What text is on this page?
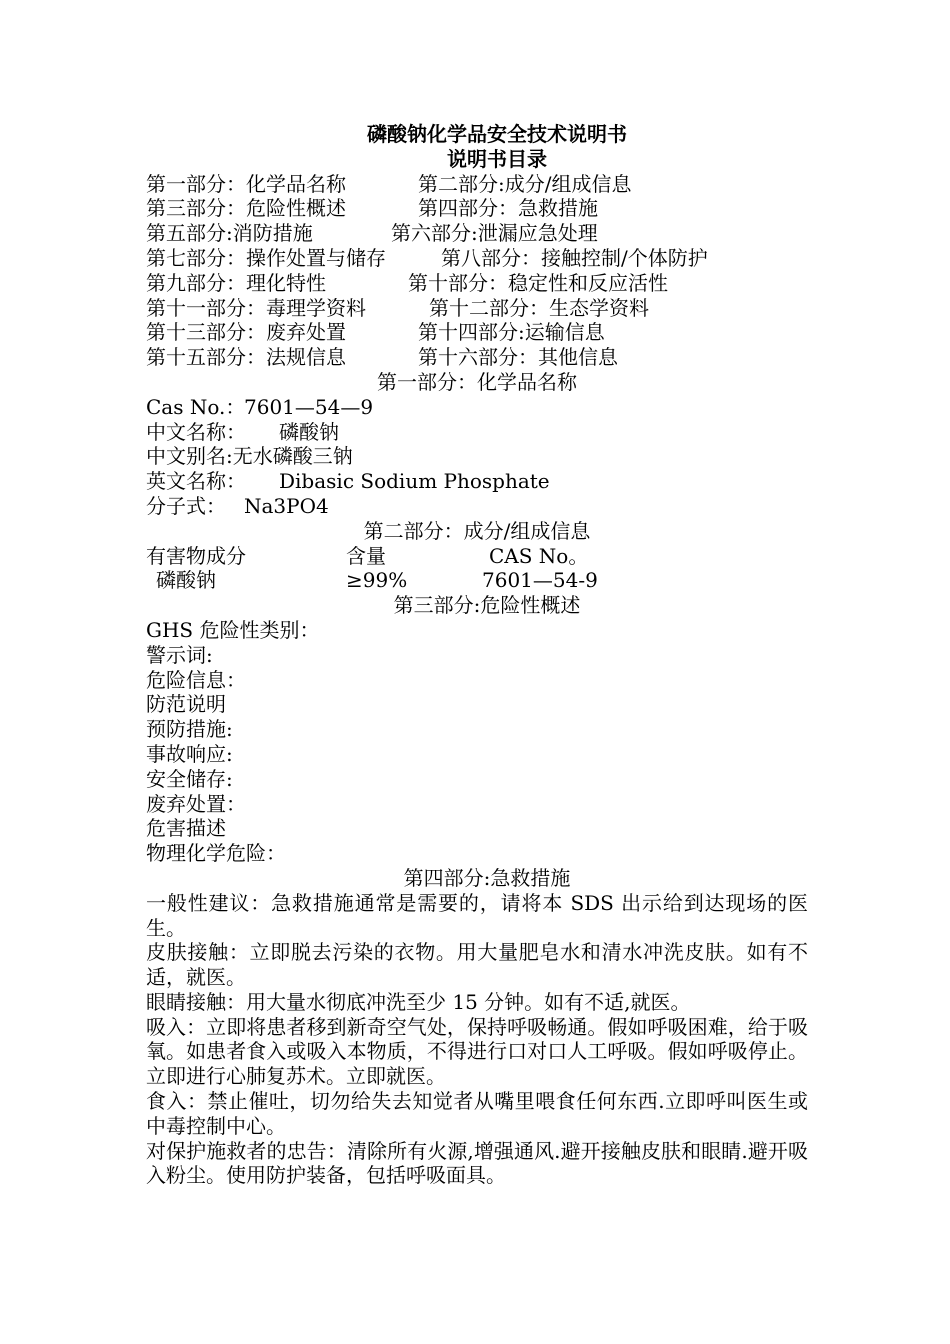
磷酸钠化学品安全技术说明书
说明书目录
第一部分：化学品名称	第二部分:成分/组成信息
第三部分：危险性概述	第四部分：急救措施
第五部分:消防措施	第六部分:泄漏应急处理
第七部分：操作处置与储存	第八部分：接触控制/个体防护
第九部分：理化特性	第十部分：稳定性和反应活性
第十一部分：毒理学资料	第十二部分：生态学资料
第十三部分：废弃处置	第十四部分:运输信息
第十五部分：法规信息	第十六部分：其他信息
第一部分：化学品名称
Cas No.：7601—54—9
中文名称： 磷酸钠
中文别名:无水磷酸三钠
英文名称： Dibasic Sodium Phosphate
分子式： Na3PO4
第二部分：成分/组成信息
有害物成分	含量	CAS No。
磷酸钠	≥99%	7601—54-9
第三部分:危险性概述
GHS 危险性类别：
警示词:
危险信息：
防范说明
预防措施:
事故响应:
安全储存:
废弃处置：
危害描述
物理化学危险：
第四部分:急救措施
一般性建议：急救措施通常是需要的，请将本 SDS 出示给到达现场的医生。
皮肤接触：立即脱去污染的衣物。用大量肥皂水和清水冲洗皮肤。如有不适，就医。
眼睛接触：用大量水彻底冲洗至少 15 分钟。如有不适,就医。
吸入：立即将患者移到新奇空气处，保持呼吸畅通。假如呼吸困难，给于吸氧。如患者食入或吸入本物质，不得进行口对口人工呼吸。假如呼吸停止。立即进行心肺复苏术。立即就医。
食入：禁止催吐，切勿给失去知觉者从嘴里喂食任何东西.立即呼叫医生或中毒控制中心。
对保护施救者的忠告：清除所有火源,增强通风.避开接触皮肤和眼睛.避开吸入粉尘。使用防护装备，包括呼吸面具。
